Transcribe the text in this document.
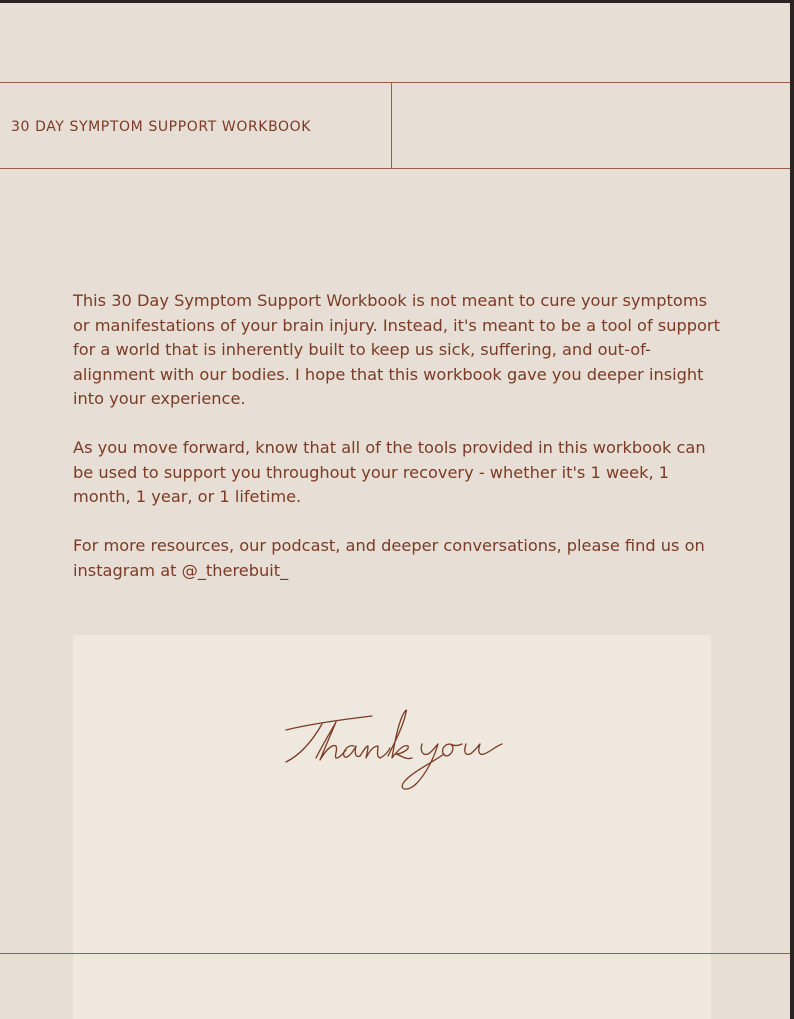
30 DAY SYMPTOM SUPPORT WORKBOOK

This 30 Day Symptom Support Workbook is not meant to cure your symptoms or manifestations of your brain injury. Instead, it's meant to be a tool of support for a world that is inherently built to keep us sick, suffering, and out-of-alignment with our bodies. I hope that this workbook gave you deeper insight into your experience.

As you move forward, know that all of the tools provided in this workbook can be used to support you throughout your recovery - whether it's 1 week, 1 month, 1 year, or 1 lifetime.

For more resources, our podcast, and deeper conversations, please find us on instagram at @_therebuit_
